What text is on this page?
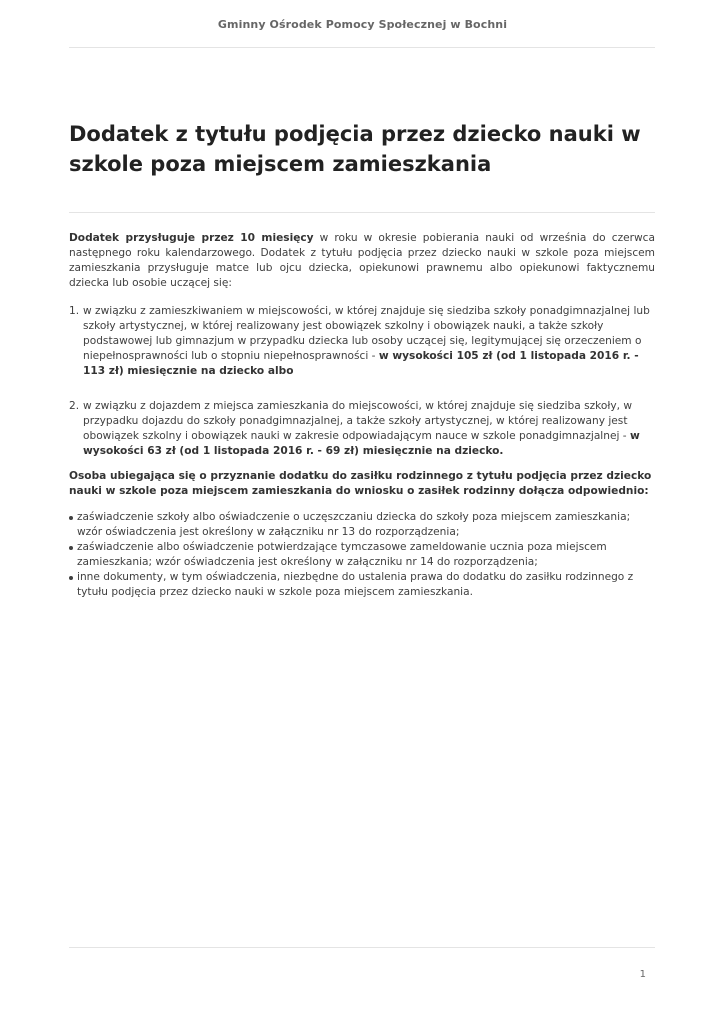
Gminny Ośrodek Pomocy Społecznej w Bochni
Dodatek z tytułu podjęcia przez dziecko nauki w szkole poza miejscem zamieszkania

Dodatek przysługuje przez 10 miesięcy w roku w okresie pobierania nauki od września do czerwca następnego roku kalendarzowego. Dodatek z tytułu podjęcia przez dziecko nauki w szkole poza miejscem zamieszkania przysługuje matce lub ojcu dziecka, opiekunowi prawnemu albo opiekunowi faktycznemu dziecka lub osobie uczącej się:

1. w związku z zamieszkiwaniem w miejscowości, w której znajduje się siedziba szkoły ponadgimnazjalnej lub szkoły artystycznej, w której realizowany jest obowiązek szkolny i obowiązek nauki, a także szkoły podstawowej lub gimnazjum w przypadku dziecka lub osoby uczącej się, legitymującej się orzeczeniem o niepełnosprawności lub o stopniu niepełnosprawności - w wysokości 105 zł (od 1 listopada 2016 r. - 113 zł) miesięcznie na dziecko albo
2. w związku z dojazdem z miejsca zamieszkania do miejscowości, w której znajduje się siedziba szkoły, w przypadku dojazdu do szkoły ponadgimnazjalnej, a także szkoły artystycznej, w której realizowany jest obowiązek szkolny i obowiązek nauki w zakresie odpowiadającym nauce w szkole ponadgimnazjalnej - w wysokości 63 zł (od 1 listopada 2016 r. - 69 zł) miesięcznie na dziecko.

Osoba ubiegająca się o przyznanie dodatku do zasiłku rodzinnego z tytułu podjęcia przez dziecko nauki w szkole poza miejscem zamieszkania do wniosku o zasiłek rodzinny dołącza odpowiednio:

zaświadczenie szkoły albo oświadczenie o uczęszczaniu dziecka do szkoły poza miejscem zamieszkania; wzór oświadczenia jest określony w załączniku nr 13 do rozporządzenia;
zaświadczenie albo oświadczenie potwierdzające tymczasowe zameldowanie ucznia poza miejscem zamieszkania; wzór oświadczenia jest określony w załączniku nr 14 do rozporządzenia;
inne dokumenty, w tym oświadczenia, niezbędne do ustalenia prawa do dodatku do zasiłku rodzinnego z tytułu podjęcia przez dziecko nauki w szkole poza miejscem zamieszkania.
1
